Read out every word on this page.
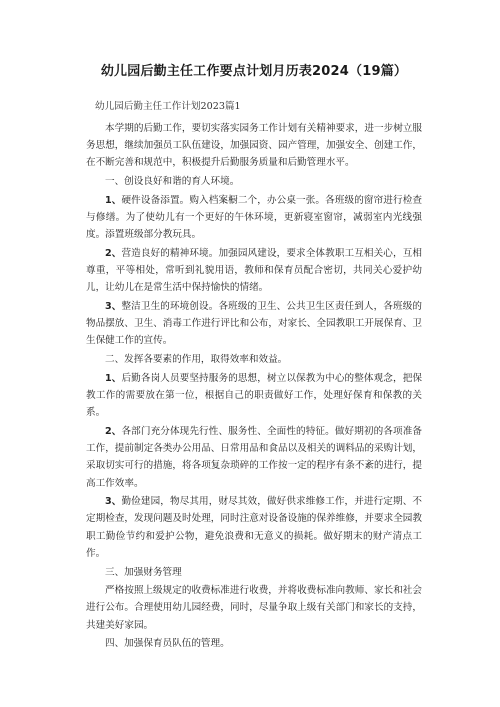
幼儿园后勤主任工作要点计划月历表2024（19篇）
幼儿园后勤主任工作计划2023篇1
本学期的后勤工作，要切实落实园务工作计划有关精神要求，进一步树立服务思想，继续加强员工队伍建设，加强园资、园产管理，加强安全、创建工作，在不断完善和规范中，积极提升后勤服务质量和后勤管理水平。
一、创设良好和谐的育人环境。
1、硬件设备添置。购入档案橱二个，办公桌一张。各班级的窗帘进行检查与修缮。为了使幼儿有一个更好的午休环境，更新寝室窗帘，减弱室内光线强度。添置班级部分教玩具。
2、营造良好的精神环境。加强园风建设，要求全体教职工互相关心，互相尊重，平等相处，常听到礼貌用语，教师和保育员配合密切，共同关心爱护幼儿，让幼儿在是常生活中保持愉快的情绪。
3、整洁卫生的环境创设。各班级的卫生、公共卫生区责任到人，各班级的物品摆放、卫生、消毒工作进行评比和公布，对家长、全园教职工开展保育、卫生保健工作的宣传。
二、发挥各要素的作用，取得效率和效益。
1、后勤各岗人员要坚持服务的思想，树立以保教为中心的整体观念，把保教工作的需要放在第一位，根据自己的职责做好工作，处理好保育和保教的关系。
2、各部门充分体现先行性、服务性、全面性的特征。做好期初的各项准备工作，提前制定各类办公用品、日常用品和食品以及相关的调料品的采购计划，采取切实可行的措施，将各项复杂琐碎的工作按一定的程序有条不紊的进行，提高工作效率。
3、勤俭建园，物尽其用，财尽其效，做好供求维修工作，并进行定期、不定期检查，发现问题及时处理，同时注意对设备设施的保养维修，并要求全园教职工勤俭节约和爱护公物，避免浪费和无意义的损耗。做好期末的财产清点工作。
三、加强财务管理
严格按照上级规定的收费标准进行收费，并将收费标准向教师、家长和社会进行公布。合理使用幼儿园经费，同时，尽量争取上级有关部门和家长的支持，共建美好家园。
四、加强保育员队伍的管理。
